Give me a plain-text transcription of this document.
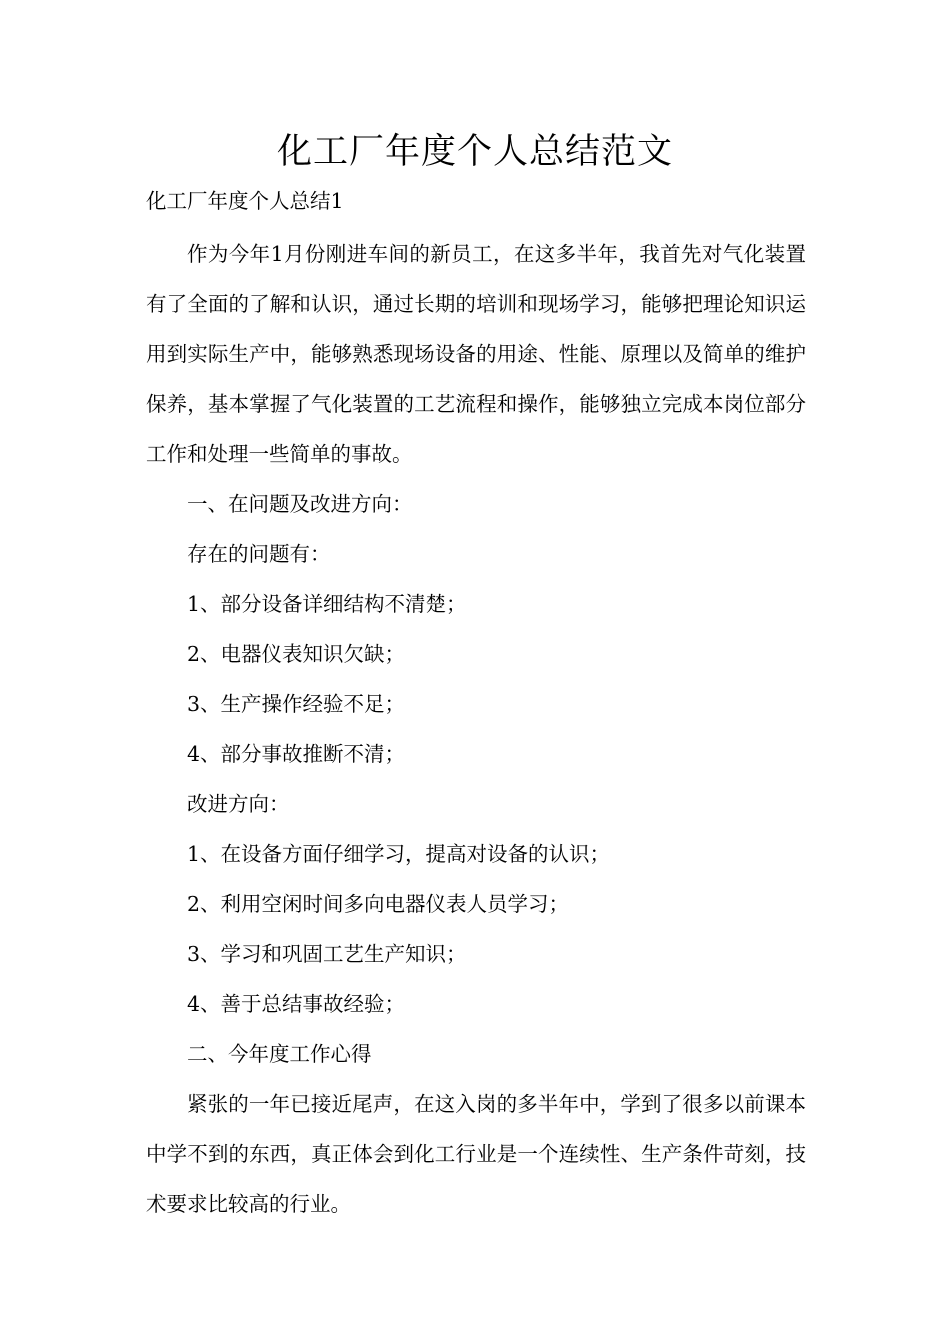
化工厂年度个人总结范文
化工厂年度个人总结1

作为今年1月份刚进车间的新员工，在这多半年，我首先对气化装置有了全面的了解和认识，通过长期的培训和现场学习，能够把理论知识运用到实际生产中，能够熟悉现场设备的用途、性能、原理以及简单的维护保养，基本掌握了气化装置的工艺流程和操作，能够独立完成本岗位部分工作和处理一些简单的事故。

一、在问题及改进方向：
存在的问题有：
1、部分设备详细结构不清楚；
2、电器仪表知识欠缺；
3、生产操作经验不足；
4、部分事故推断不清；
改进方向：
1、在设备方面仔细学习，提高对设备的认识；
2、利用空闲时间多向电器仪表人员学习；
3、学习和巩固工艺生产知识；
4、善于总结事故经验；
二、今年度工作心得

紧张的一年已接近尾声，在这入岗的多半年中，学到了很多以前课本中学不到的东西，真正体会到化工行业是一个连续性、生产条件苛刻，技术要求比较高的行业。
